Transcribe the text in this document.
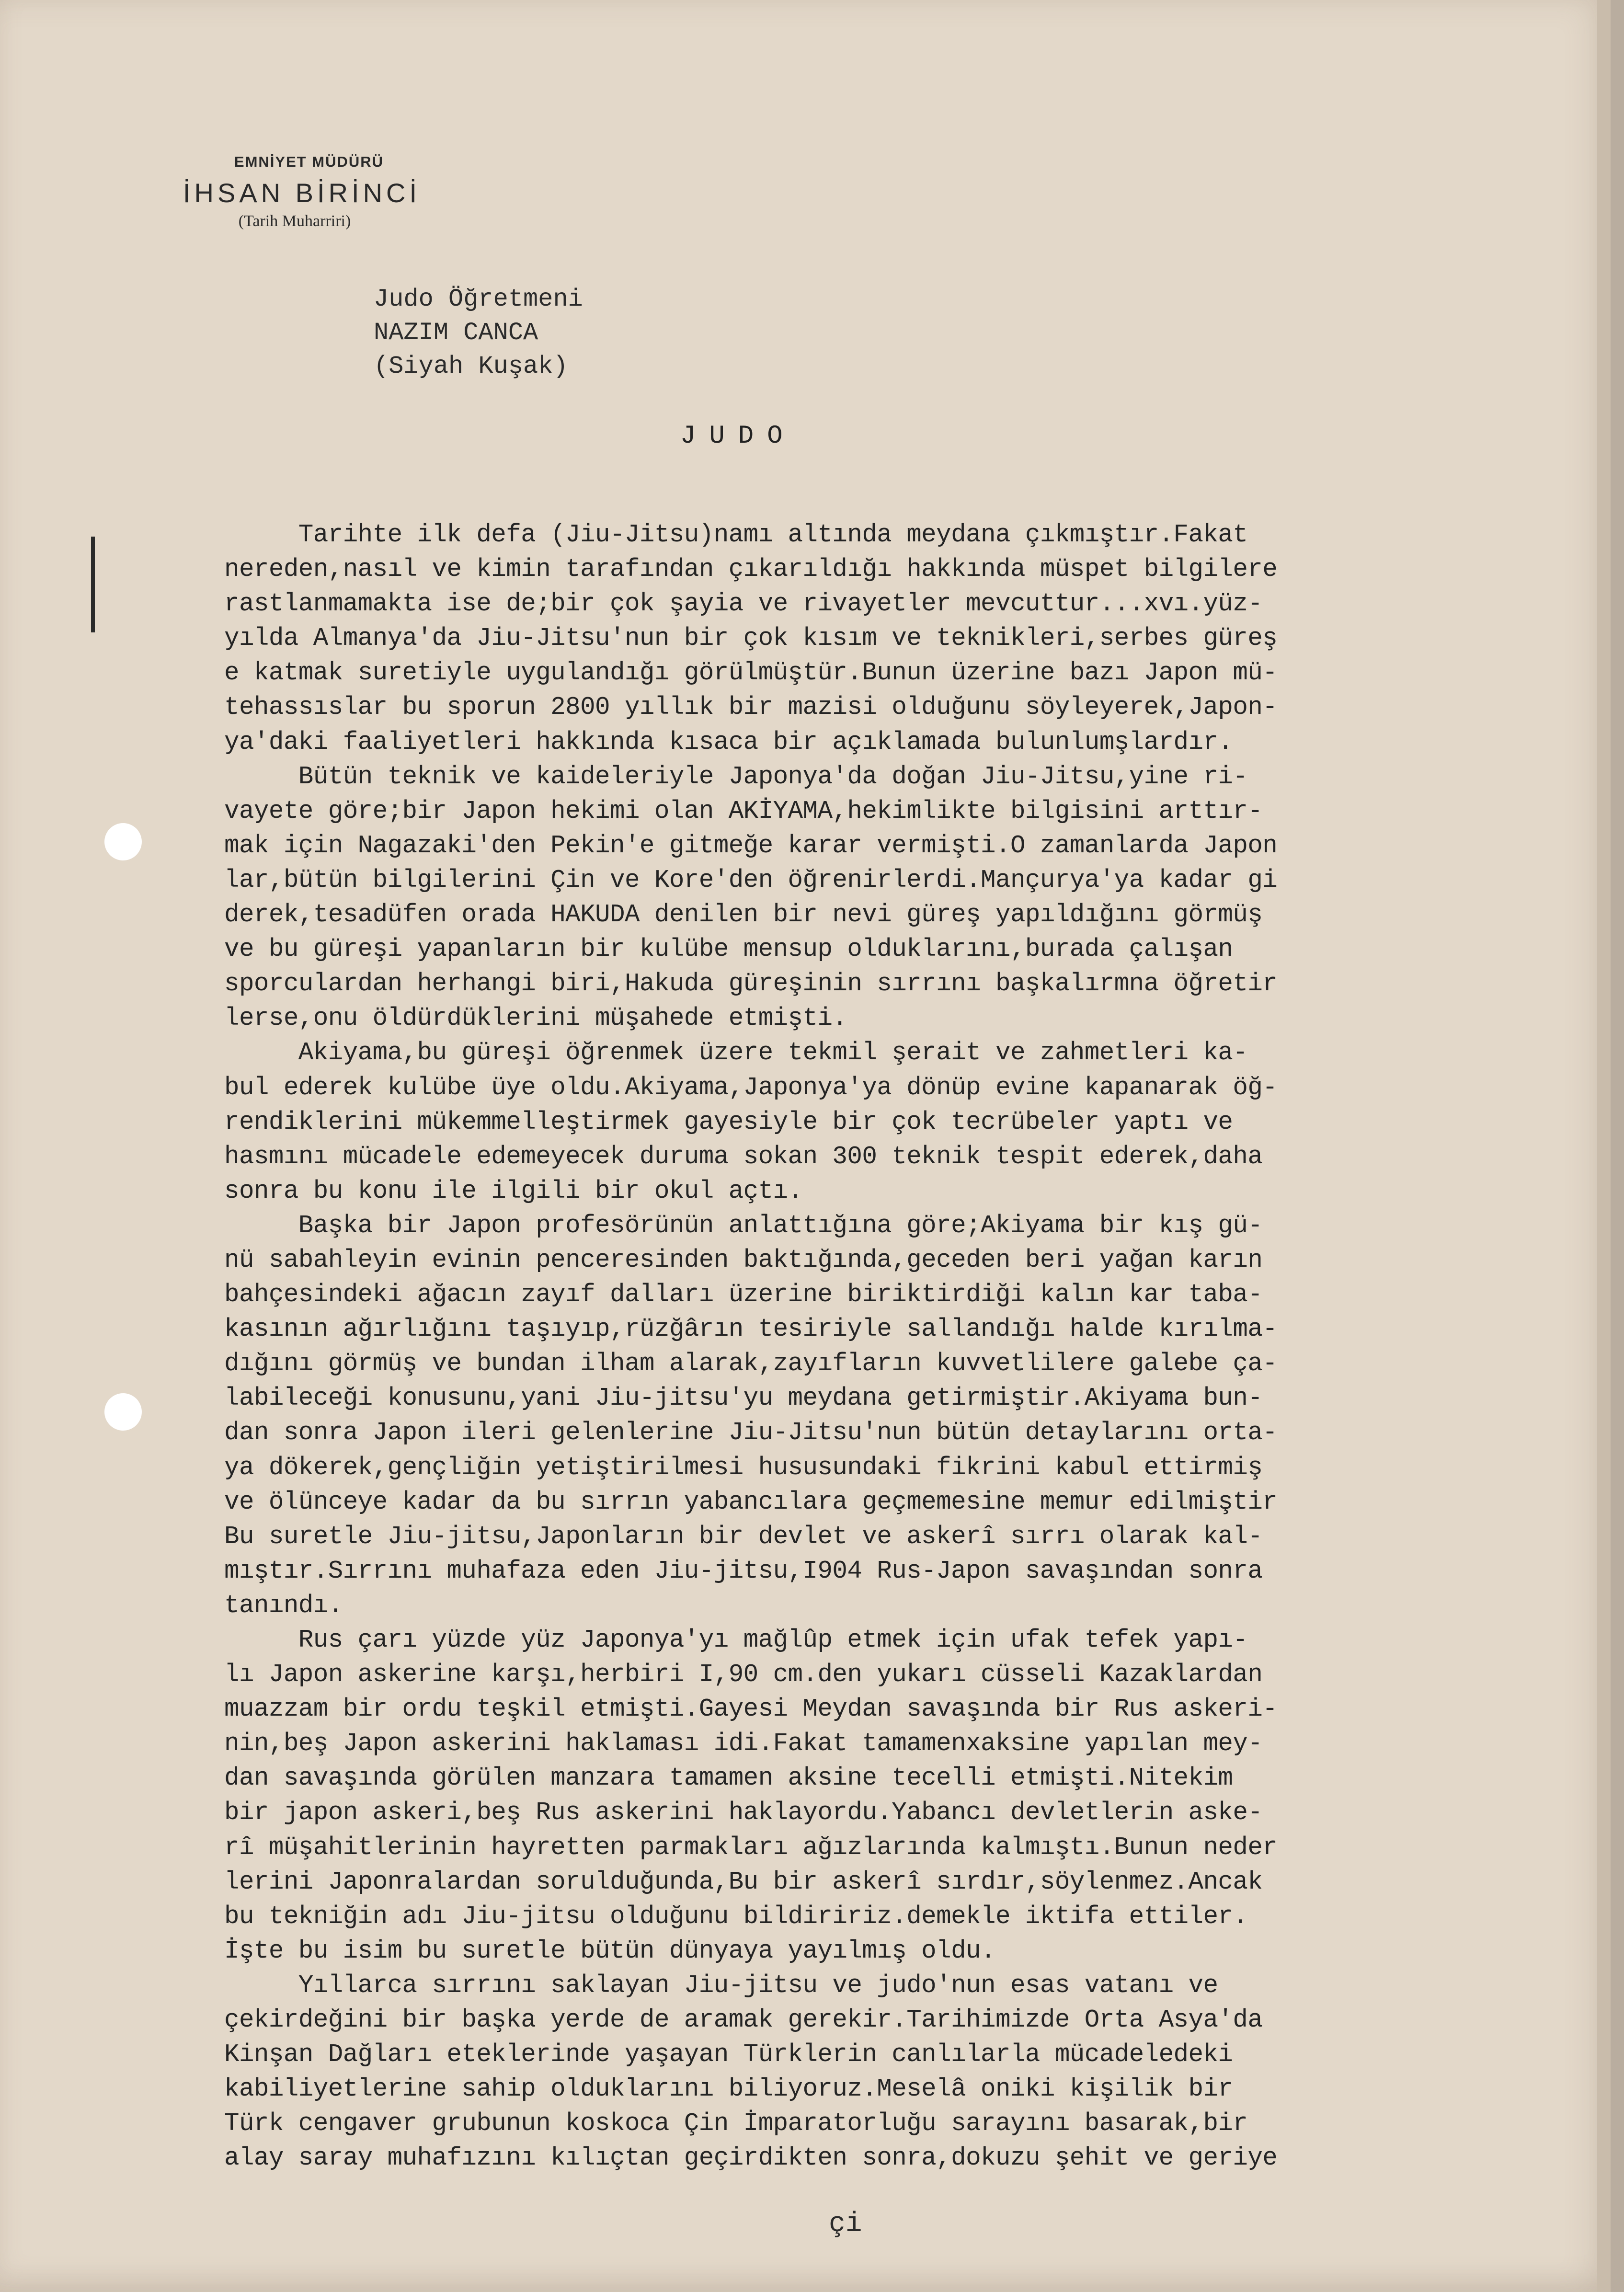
EMNİYET MÜDÜRÜ
İHSAN BİRİNCİ
(Tarih Muharriri)
Judo Öğretmeni
NAZIM CANCA
(Siyah Kuşak)
JUDO
Tarihte ilk defa (Jiu-Jitsu)namı altında meydana çıkmıştır.Fakat
nereden,nasıl ve kimin tarafından çıkarıldığı hakkında müspet bilgilere
rastlanmamakta ise de;bir çok şayia ve rivayetler mevcuttur...xvı.yüz-
yılda Almanya'da Jiu-Jitsu'nun bir çok kısım ve teknikleri,serbes güreş
e katmak suretiyle uygulandığı görülmüştür.Bunun üzerine bazı Japon mü-
tehassıslar bu sporun 2800 yıllık bir mazisi olduğunu söyleyerek,Japon-
ya'daki faaliyetleri hakkında kısaca bir açıklamada bulunlumşlardır.
Bütün teknik ve kaideleriyle Japonya'da doğan Jiu-Jitsu,yine ri-
vayete göre;bir Japon hekimi olan AKİYAMA,hekimlikte bilgisini arttır-
mak için Nagazaki'den Pekin'e gitmeğe karar vermişti.O zamanlarda Japon
lar,bütün bilgilerini Çin ve Kore'den öğrenirlerdi.Mançurya'ya kadar gi
derek,tesadüfen orada HAKUDA denilen bir nevi güreş yapıldığını görmüş
ve bu güreşi yapanların bir kulübe mensup olduklarını,burada çalışan
sporculardan herhangi biri,Hakuda güreşinin sırrını başkalırmna öğretir
lerse,onu öldürdüklerini müşahede etmişti.
Akiyama,bu güreşi öğrenmek üzere tekmil şerait ve zahmetleri ka-
bul ederek kulübe üye oldu.Akiyama,Japonya'ya dönüp evine kapanarak öğ-
rendiklerini mükemmelleştirmek gayesiyle bir çok tecrübeler yaptı ve
hasmını mücadele edemeyecek duruma sokan 300 teknik tespit ederek,daha
sonra bu konu ile ilgili bir okul açtı.
Başka bir Japon profesörünün anlattığına göre;Akiyama bir kış gü-
nü sabahleyin evinin penceresinden baktığında,geceden beri yağan karın
bahçesindeki ağacın zayıf dalları üzerine biriktirdiği kalın kar taba-
kasının ağırlığını taşıyıp,rüzğârın tesiriyle sallandığı halde kırılma-
dığını görmüş ve bundan ilham alarak,zayıfların kuvvetlilere galebe ça-
labileceği konusunu,yani Jiu-jitsu'yu meydana getirmiştir.Akiyama bun-
dan sonra Japon ileri gelenlerine Jiu-Jitsu'nun bütün detaylarını orta-
ya dökerek,gençliğin yetiştirilmesi hususundaki fikrini kabul ettirmiş
ve ölünceye kadar da bu sırrın yabancılara geçmemesine memur edilmiştir
Bu suretle Jiu-jitsu,Japonların bir devlet ve askerî sırrı olarak kal-
mıştır.Sırrını muhafaza eden Jiu-jitsu,I904 Rus-Japon savaşından sonra
tanındı.
Rus çarı yüzde yüz Japonya'yı mağlûp etmek için ufak tefek yapı-
lı Japon askerine karşı,herbiri I,90 cm.den yukarı cüsseli Kazaklardan
muazzam bir ordu teşkil etmişti.Gayesi Meydan savaşında bir Rus askeri-
nin,beş Japon askerini haklaması idi.Fakat tamamenxaksine yapılan mey-
dan savaşında görülen manzara tamamen aksine tecelli etmişti.Nitekim
bir japon askeri,beş Rus askerini haklayordu.Yabancı devletlerin aske-
rî müşahitlerinin hayretten parmakları ağızlarında kalmıştı.Bunun neder
lerini Japonralardan sorulduğunda,Bu bir askerî sırdır,söylenmez.Ancak
bu tekniğin adı Jiu-jitsu olduğunu bildiririz.demekle iktifa ettiler.
İşte bu isim bu suretle bütün dünyaya yayılmış oldu.
Yıllarca sırrını saklayan Jiu-jitsu ve judo'nun esas vatanı ve
çekirdeğini bir başka yerde de aramak gerekir.Tarihimizde Orta Asya'da
Kinşan Dağları eteklerinde yaşayan Türklerin canlılarla mücadeledeki
kabiliyetlerine sahip olduklarını biliyoruz.Meselâ oniki kişilik bir
Türk cengaver grubunun koskoca Çin İmparatorluğu sarayını basarak,bir
alay saray muhafızını kılıçtan geçirdikten sonra,dokuzu şehit ve geriye
çi
